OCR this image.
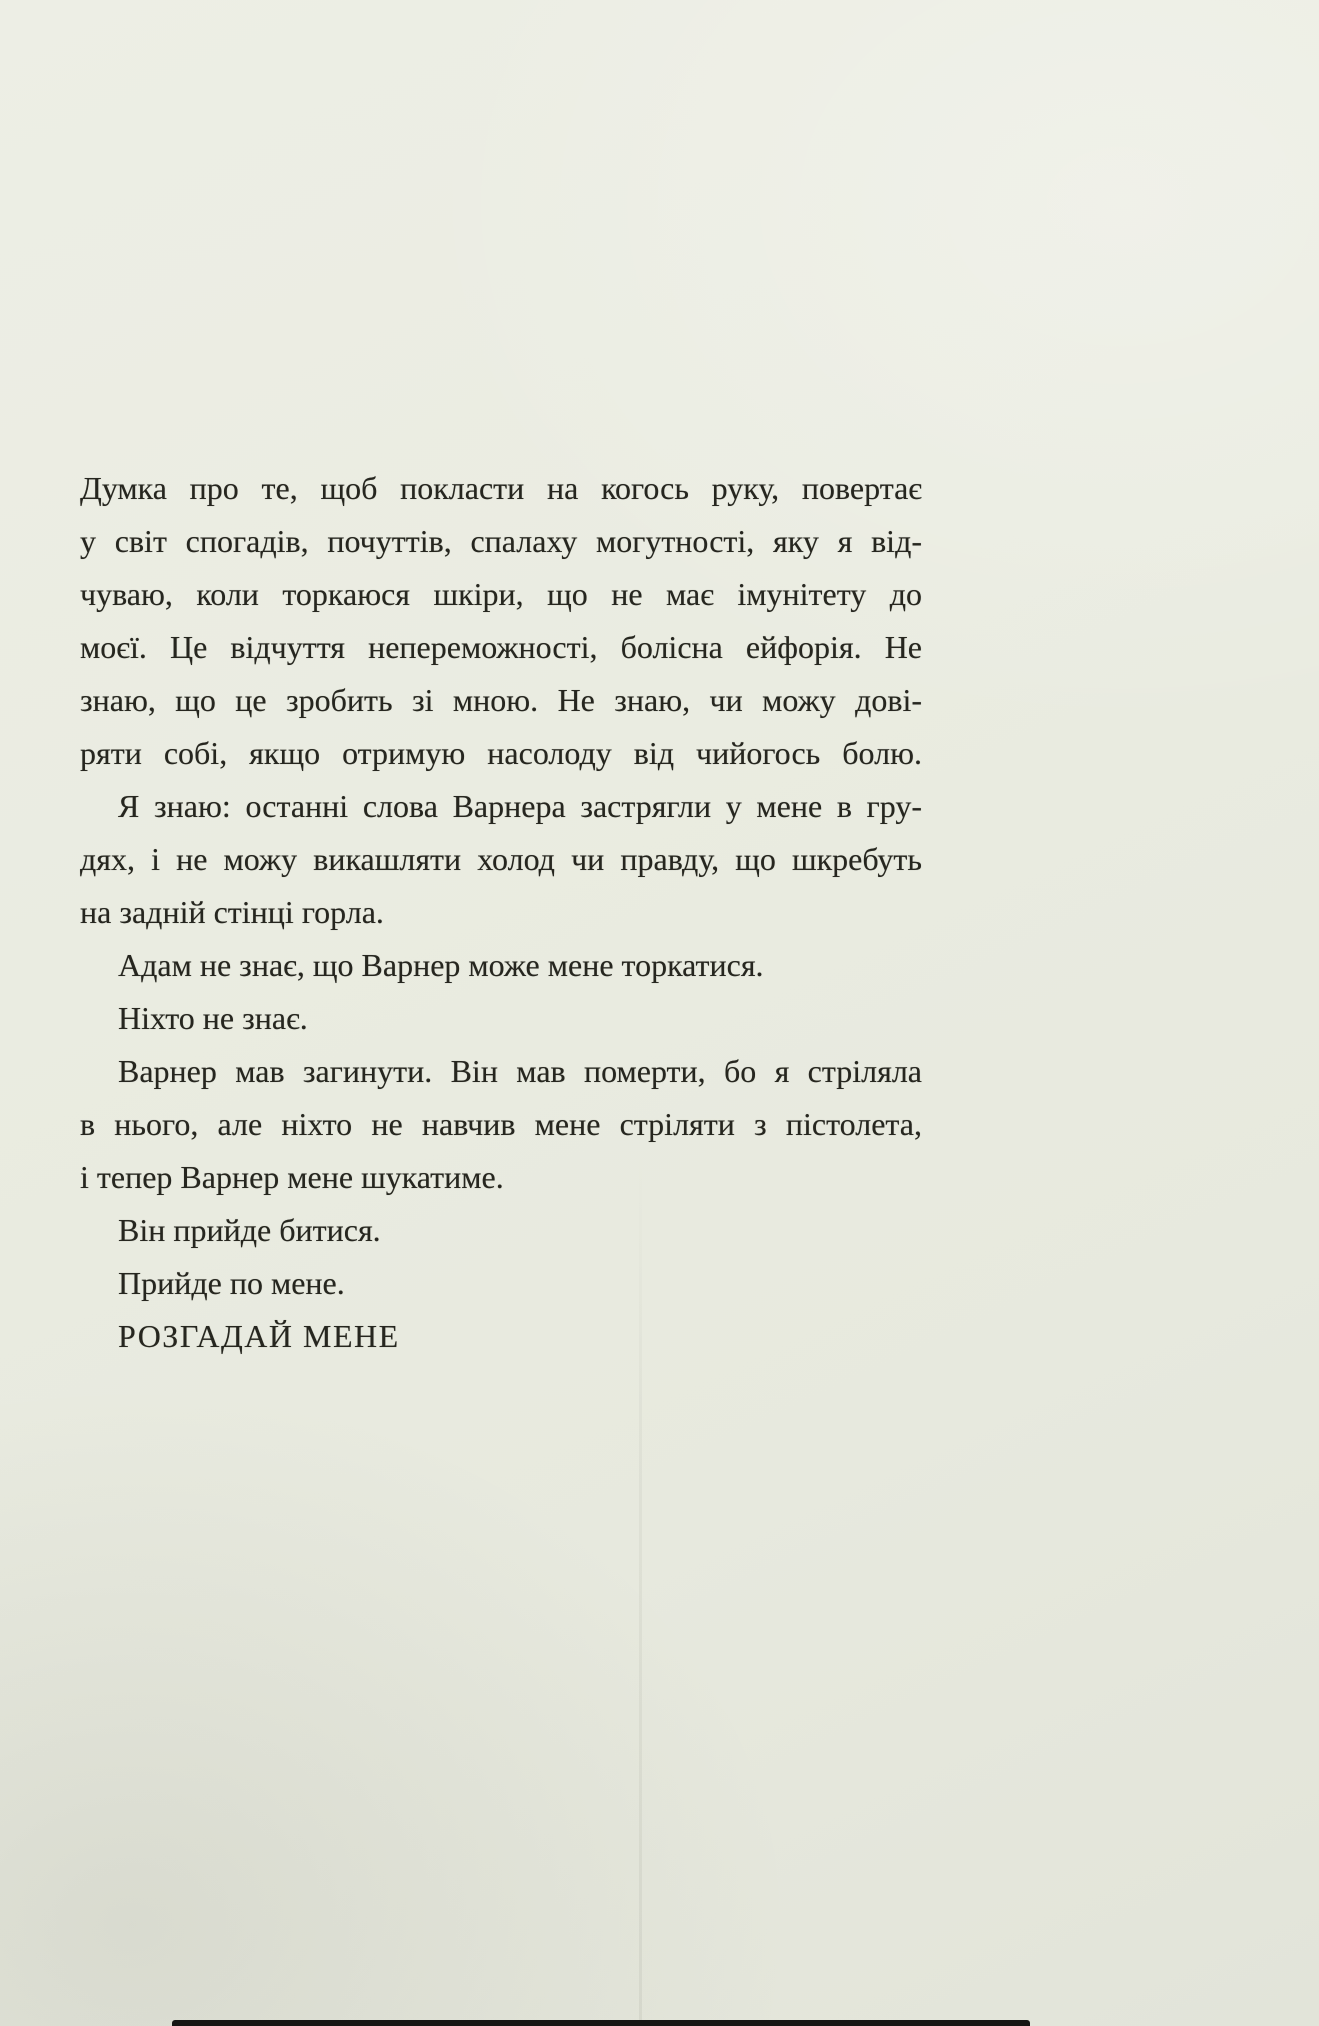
Думка про те, щоб покласти на когось руку, повертає
у світ спогадів, почуттів, спалаху могутності, яку я від-
чуваю, коли торкаюся шкіри, що не має імунітету до
моєї. Це відчуття непереможності, болісна ейфорія. Не
знаю, що це зробить зі мною. Не знаю, чи можу дові-
ряти собі, якщо отримую насолоду від чийогось болю.
Я знаю: останні слова Варнера застрягли у мене в гру-
дях, і не можу викашляти холод чи правду, що шкребуть
на задній стінці горла.
Адам не знає, що Варнер може мене торкатися.
Ніхто не знає.
Варнер мав загинути. Він мав померти, бо я стріляла
в нього, але ніхто не навчив мене стріляти з пістолета,
і тепер Варнер мене шукатиме.
Він прийде битися.
Прийде по мене.
РОЗГАДАЙ МЕНЕ
